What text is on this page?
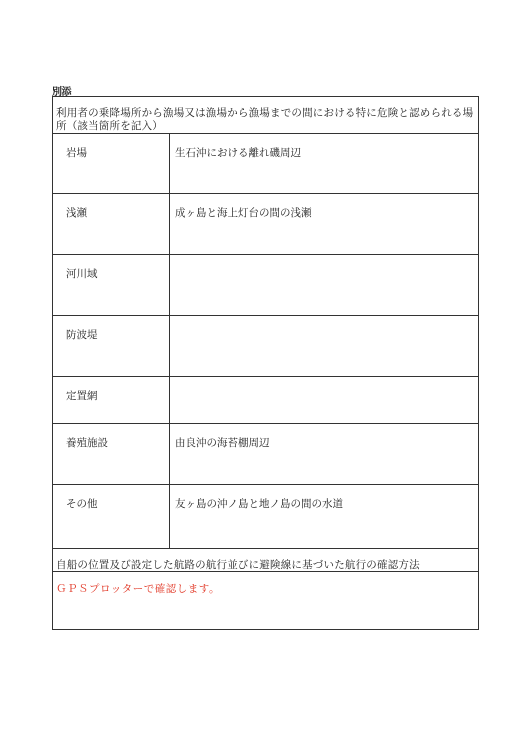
別添
利用者の乗降場所から漁場又は漁場から漁場までの間における特に危険と認められる場所（該当箇所を記入）
岩場	生石沖における離れ磯周辺
浅瀬	成ヶ島と海上灯台の間の浅瀬
河川域
防波堤
定置網
養殖施設	由良沖の海苔棚周辺
その他	友ヶ島の沖ノ島と地ノ島の間の水道
自船の位置及び設定した航路の航行並びに避険線に基づいた航行の確認方法
ＧＰＳプロッターで確認します。
